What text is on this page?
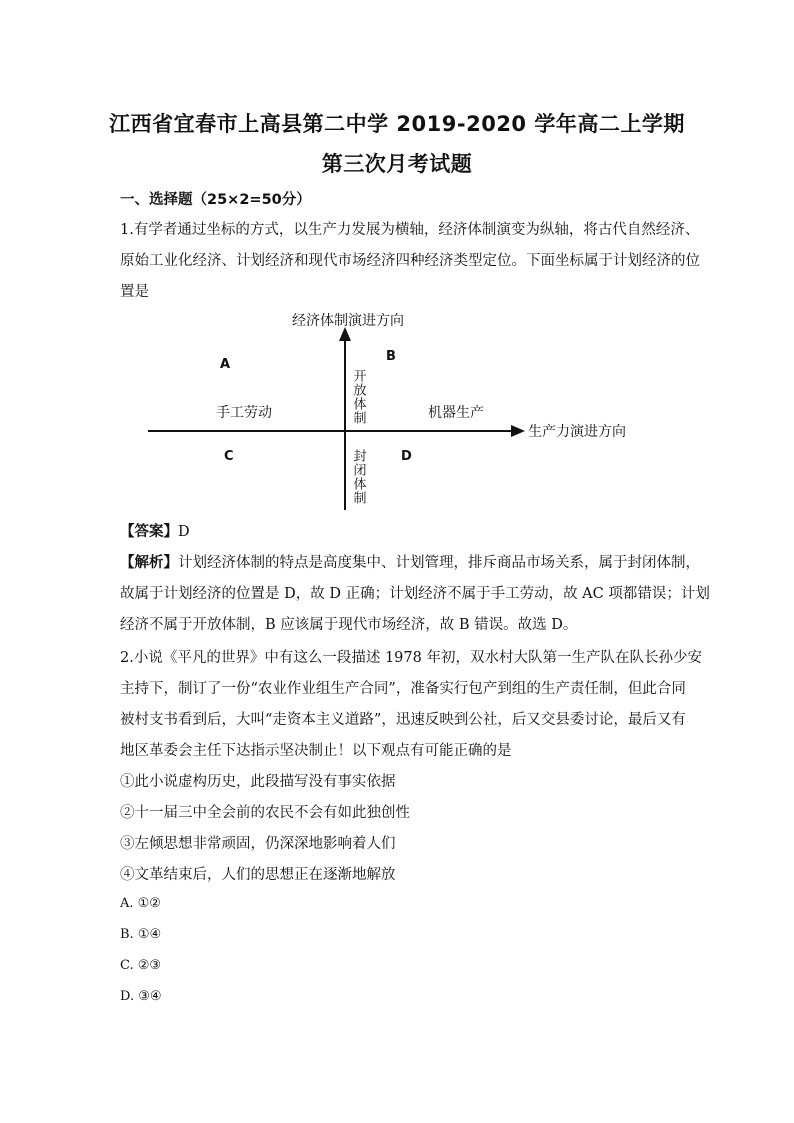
江西省宜春市上高县第二中学 2019-2020 学年高二上学期
第三次月考试题
一、选择题（25×2=50分）
1.有学者通过坐标的方式，以生产力发展为横轴，经济体制演变为纵轴，将古代自然经济、
原始工业化经济、计划经济和现代市场经济四种经济类型定位。下面坐标属于计划经济的位
置是
经济体制演进方向
生产力演进方向
开放体制
封闭体制
手工劳动	机器生产
A
B
C	D
【答案】D
【解析】计划经济体制的特点是高度集中、计划管理，排斥商品市场关系，属于封闭体制，
故属于计划经济的位置是 D，故 D 正确；计划经济不属于手工劳动，故 AC 项都错误；计划
经济不属于开放体制，B 应该属于现代市场经济，故 B 错误。故选 D。
2.小说《平凡的世界》中有这么一段描述 1978 年初，双水村大队第一生产队在队长孙少安
主持下，制订了一份“农业作业组生产合同”，准备实行包产到组的生产责任制，但此合同
被村支书看到后，大叫“走资本主义道路”，迅速反映到公社，后又交县委讨论，最后又有
地区革委会主任下达指示坚决制止！以下观点有可能正确的是
①此小说虚构历史，此段描写没有事实依据
②十一届三中全会前的农民不会有如此独创性
③左倾思想非常顽固，仍深深地影响着人们
④文革结束后，人们的思想正在逐渐地解放
A. ①②
B. ①④
C. ②③
D. ③④
